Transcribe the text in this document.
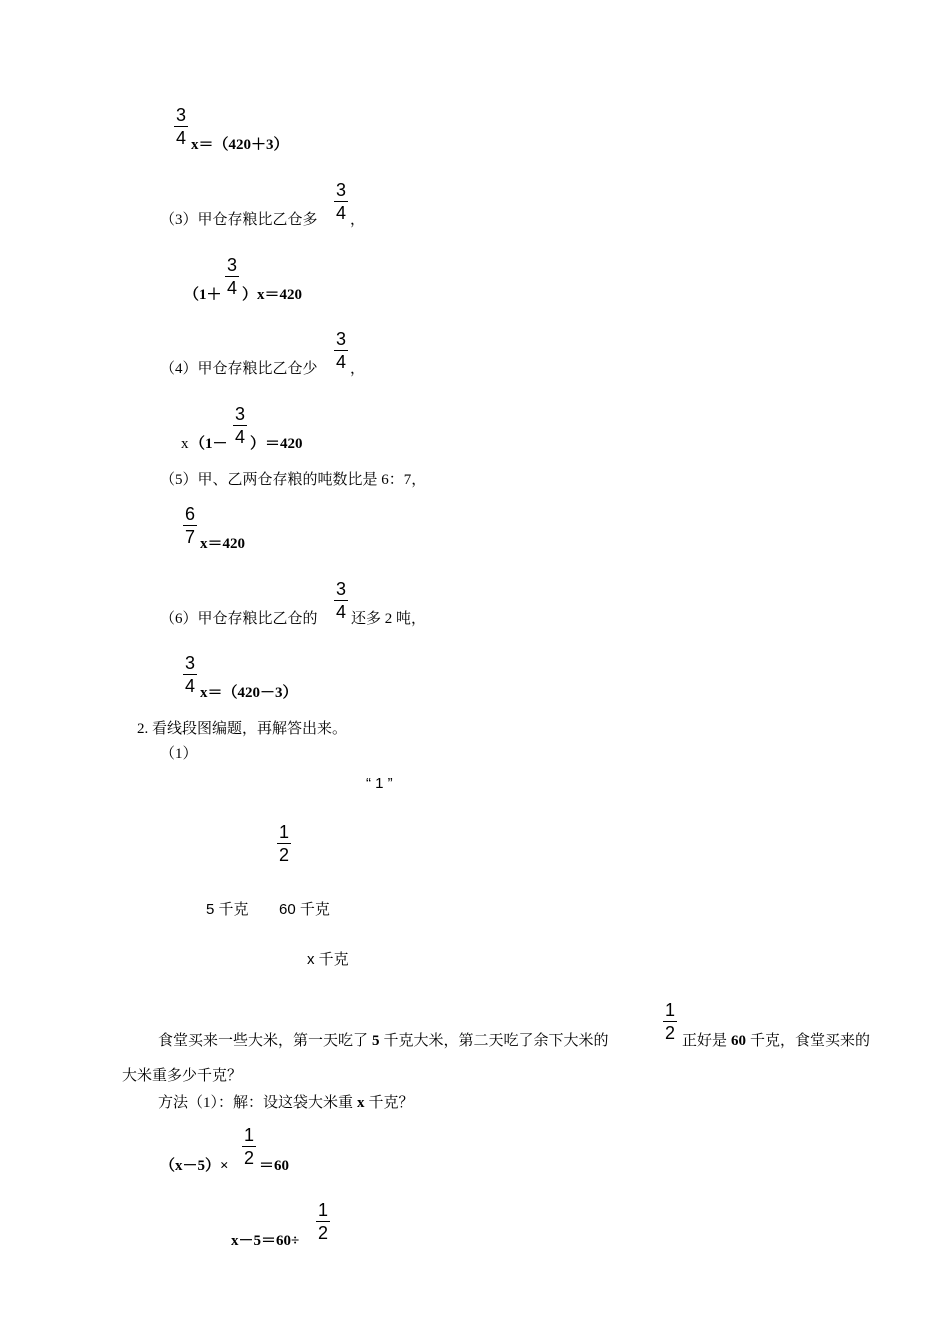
3
4 x＝（420＋3）
（3）甲仓存粮比乙仓多
3
4 ，
（1＋
3
4 ）x＝420
（4）甲仓存粮比乙仓少
3
4 ，
x （1－
3
4 ）＝420
（5）甲、乙两仓存粮的吨数比是 6：7，
6
7 x＝420
（6）甲仓存粮比乙仓的
3
4 还多 2 吨，
3
4 x＝（420－3）
2. 看线段图编题，再解答出来。
（1）
“ 1 ”
1
2
5 千克 60 千克
x 千克
食堂买来一些大米，第一天吃了 5 千克大米，第二天吃了余下大米的
1
2 正好是 60 千克，食堂买来的
大米重多少千克？
方法（1）：解：设这袋大米重 x 千克？
（x－5）×
1
2 ＝60
x－5＝60÷
1
2
